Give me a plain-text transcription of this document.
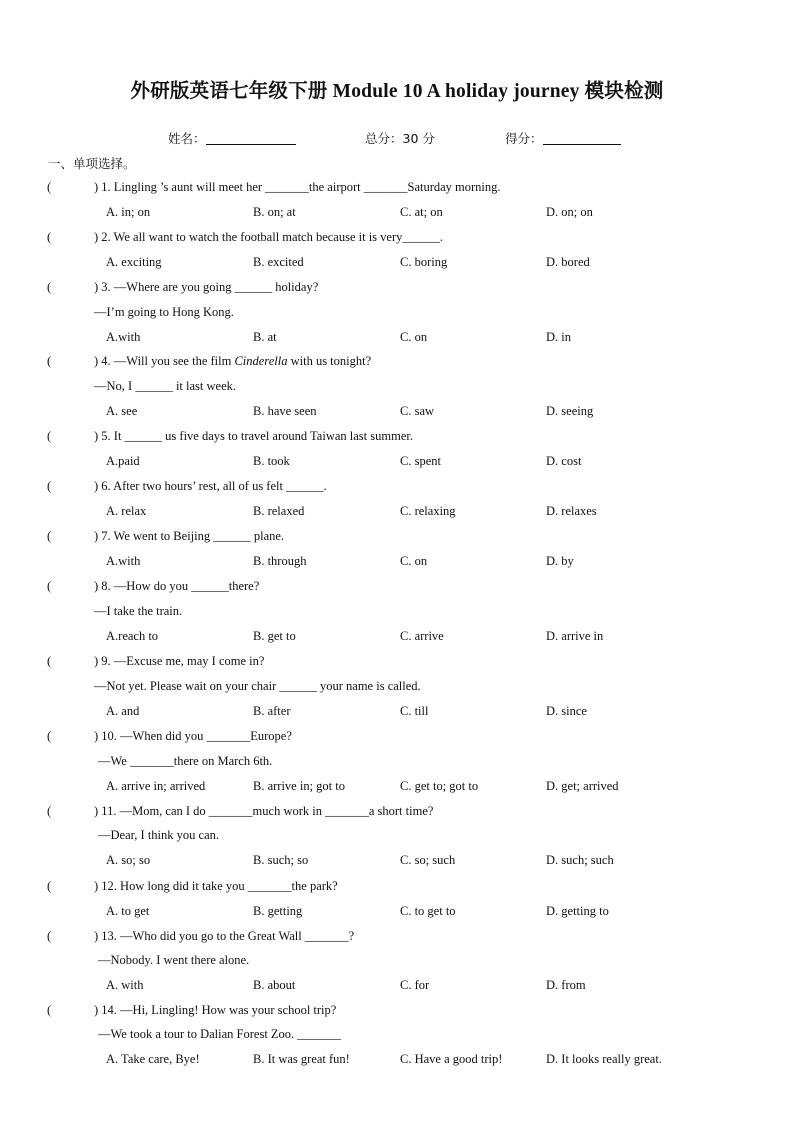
外研版英语七年级下册 Module 10 A holiday journey 模块检测
姓名：	总分：30 分	得分：
一、单项选择。
(	) 1. Lingling ’s aunt will meet her _______the airport _______Saturday morning.
A. in; on	B. on; at	C. at; on	D. on; on
(	) 2. We all want to watch the football match because it is very______.
A. exciting	B. excited	C. boring	D. bored
(	) 3. —Where are you going ______ holiday?
—I’m going to Hong Kong.
A.with	B. at	C. on	D. in
(	) 4. —Will you see the film Cinderella with us tonight?
—No, I ______ it last week.
A. see	B. have seen	C. saw	D. seeing
(	) 5. It ______ us five days to travel around Taiwan last summer.
A.paid	B. took	C. spent	D. cost
(	) 6. After two hours’ rest, all of us felt ______.
A. relax	B. relaxed	C. relaxing	D. relaxes
(	) 7. We went to Beijing ______ plane.
A.with	B. through	C. on	D. by
(	) 8. —How do you ______there?
—I take the train.
A.reach to	B. get to	C. arrive	D. arrive in
(	) 9. —Excuse me, may I come in?
—Not yet. Please wait on your chair ______ your name is called.
A. and	B. after	C. till	D. since
(	) 10. —When did you _______Europe?
—We _______there on March 6th.
A. arrive in; arrived	B. arrive in; got to	C. get to; got to	D. get; arrived
(	) 11. —Mom, can I do _______much work in _______a short time?
—Dear, I think you can.
A. so; so	B. such; so	C. so; such	D. such; such
(	) 12. How long did it take you _______the park?
A. to get	B. getting	C. to get to	D. getting to
(	) 13. —Who did you go to the Great Wall _______?
—Nobody. I went there alone.
A. with	B. about	C. for	D. from
(	) 14. —Hi, Lingling! How was your school trip?
—We took a tour to Dalian Forest Zoo. _______
A. Take care, Bye!	B. It was great fun!	C. Have a good trip!	D. It looks really great.
